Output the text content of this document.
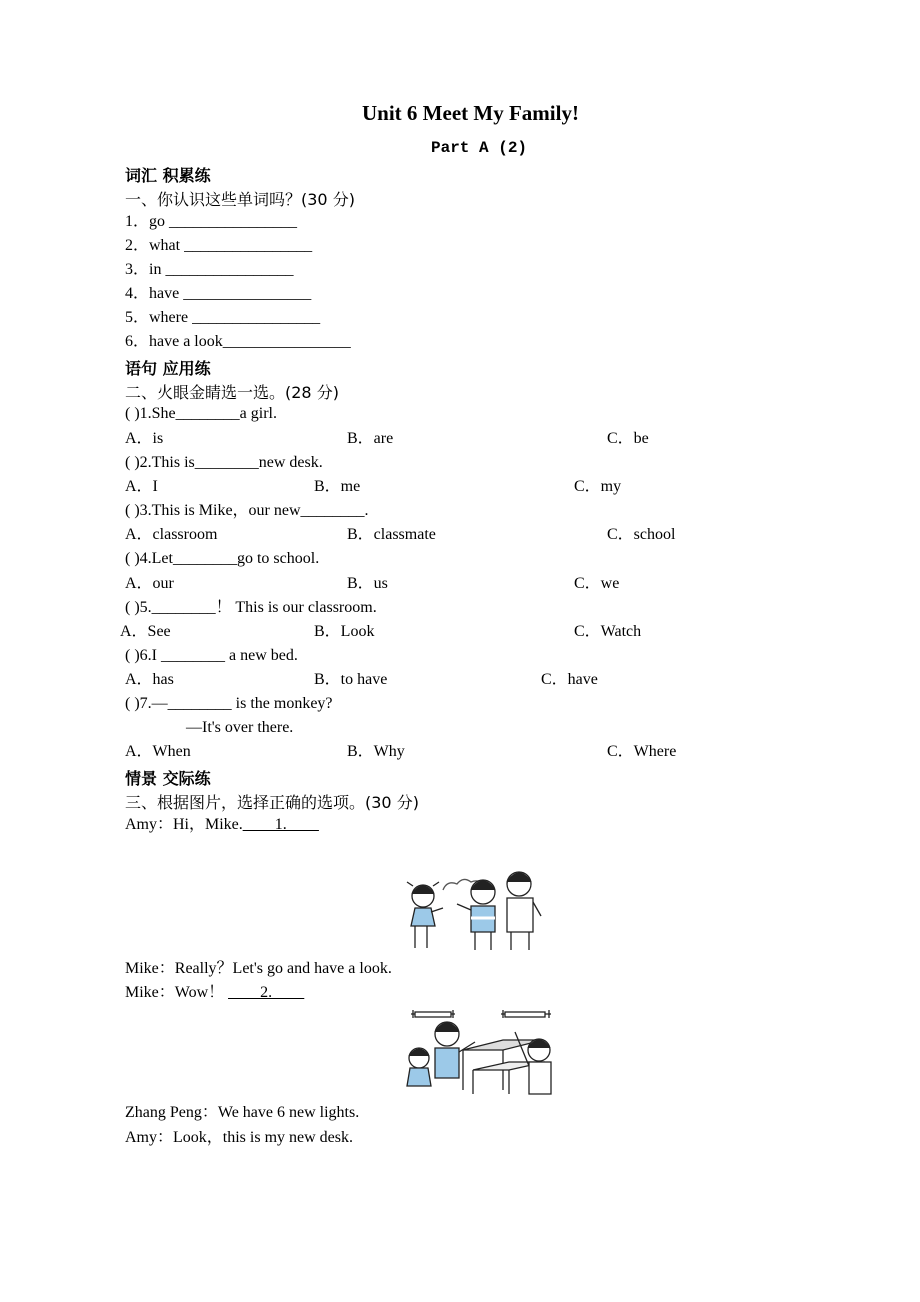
Unit 6 Meet My Family!
Part A (2)
词汇 积累练
一、你认识这些单词吗？(30 分)
1．go ________________
2．what ________________
3．in ________________
4．have ________________
5．where ________________
6．have a look________________
语句 应用练
二、火眼金睛选一选。(28 分)
( )1.She________a girl.
A．is	B．are	C．be
( )2.This is________new desk.
A．I	B．me	C．my
( )3.This is Mike，our new________.
A．classroom	B．classmate	C．school
( )4.Let________go to school.
A．our	B．us	C．we
( )5.________！ This is our classroom.
A．See	B．Look	C．Watch
( )6.I ________ a new bed.
A．has	B．to have	C．have
( )7.—________ is the monkey?
—It's over there.
A．When	B．Why	C．Where
情景 交际练
三、根据图片，选择正确的选项。(30 分)
Amy：Hi，Mike.____1.____
Mike：Really？Let's go and have a look.
Mike：Wow！ ____2.____
Zhang Peng：We have 6 new lights.
Amy：Look，this is my new desk.
